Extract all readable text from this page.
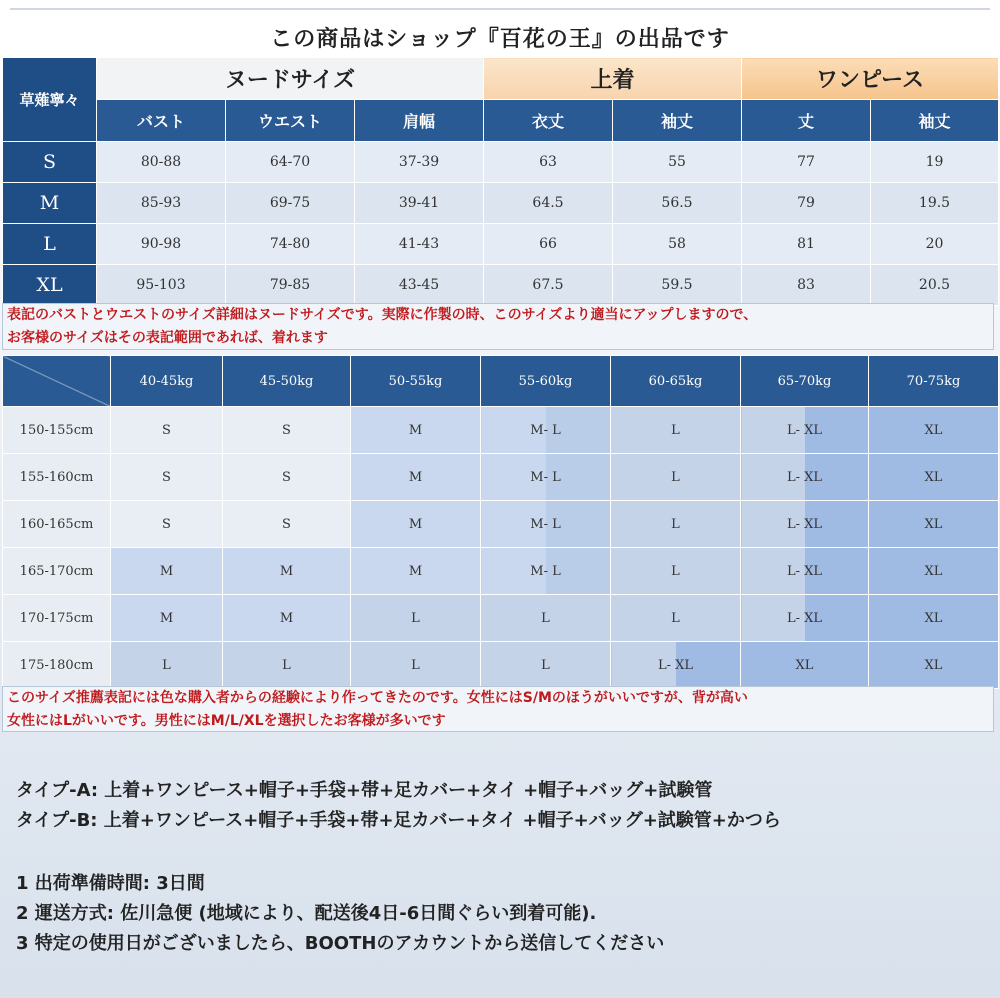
この商品はショップ『百花の王』の出品です
草薙寧々	ヌードサイズ			上着		ワンピース	
	バスト	ウエスト	肩幅	衣丈	袖丈	丈	袖丈
S	80-88	64-70	37-39	63	55	77	19
M	85-93	69-75	39-41	64.5	56.5	79	19.5
L	90-98	74-80	41-43	66	58	81	20
XL	95-103	79-85	43-45	67.5	59.5	83	20.5
表記のバストとウエストのサイズ詳細はヌードサイズです。実際に作製の時、このサイズより適当にアップしますので、
お客様のサイズはその表記範囲であれば、着れます
	40-45kg	45-50kg	50-55kg	55-60kg	60-65kg	65-70kg	70-75kg
150-155cm	S	S	M	M- L	L	L- XL	XL
155-160cm	S	S	M	M- L	L	L- XL	XL
160-165cm	S	S	M	M- L	L	L- XL	XL
165-170cm	M	M	M	M- L	L	L- XL	XL
170-175cm	M	M	L	L	L	L- XL	XL
175-180cm	L	L	L	L	L- XL	XL	XL
このサイズ推薦表記には色な購入者からの経験により作ってきたのです。女性にはS/Mのほうがいいですが、背が高い
女性にはLがいいです。男性にはM/L/XLを選択したお客様が多いです
タイプ-A: 上着+ワンピース+帽子+手袋+帯+足カバー+タイ +帽子+バッグ+試験管
タイプ-B: 上着+ワンピース+帽子+手袋+帯+足カバー+タイ +帽子+バッグ+試験管+かつら
1 出荷準備時間: 3日間
2 運送方式: 佐川急便 (地域により、配送後4日-6日間ぐらい到着可能).
3 特定の使用日がございましたら、BOOTHのアカウントから送信してください
